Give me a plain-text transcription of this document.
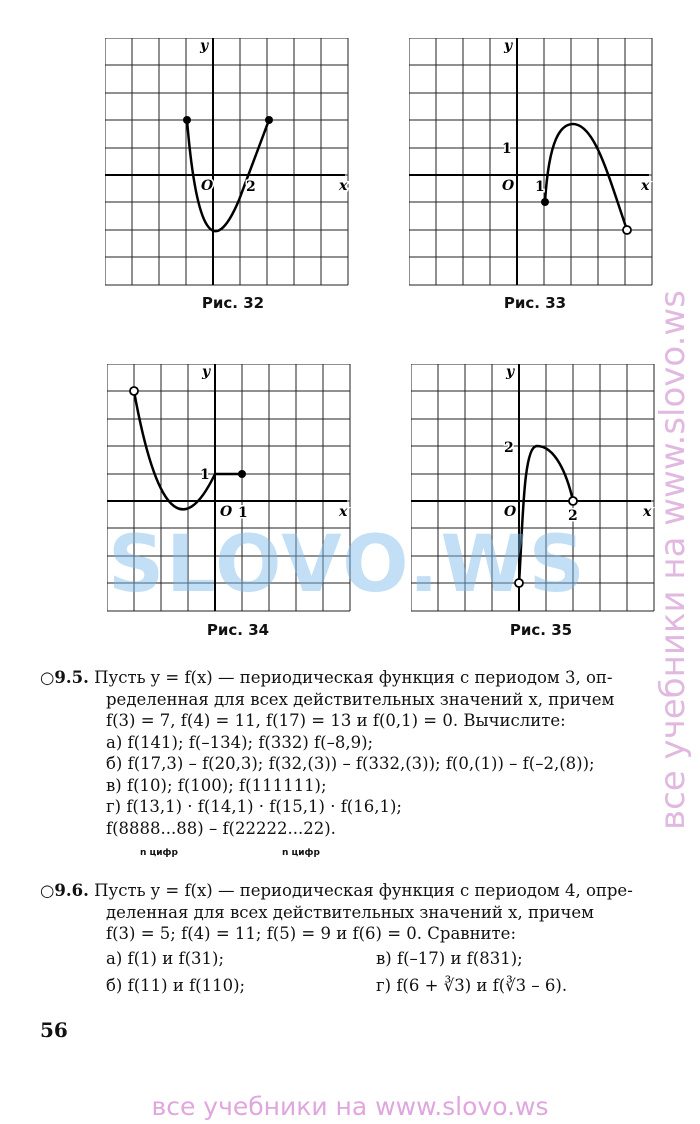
y
x
O 2
Рис. 32
y
x
O
1
1
Рис. 33
y
x
O
1
1
Рис. 34
y
x
O
2
2
Рис. 35
SLOVO.WS все учебники на www.slovo.ws
○9.5. Пусть y = f(x) — периодическая функция с периодом 3, оп-
ределенная для всех действительных значений x, причем
f(3) = 7, f(4) = 11, f(17) = 13 и f(0,1) = 0. Вычислите:
а) f(141); f(–134); f(332) f(–8,9);
б) f(17,3) – f(20,3); f(32,(3)) – f(332,(3)); f(0,(1)) – f(–2,(8));
в) f(10); f(100); f(111111);
г) f(13,1) · f(14,1) · f(15,1) · f(16,1);
f(8888...88) – f(22222...22).
n цифр	n цифр
○9.6. Пусть y = f(x) — периодическая функция с периодом 4, опре-
деленная для всех действительных значений x, причем
f(3) = 5; f(4) = 11; f(5) = 9 и f(6) = 0. Сравните:
а) f(1) и f(31);	в) f(–17) и f(831);
б) f(11) и f(110);	г) f(6 + ∛3) и f(∛3 – 6).
56
все учебники на www.slovo.ws
